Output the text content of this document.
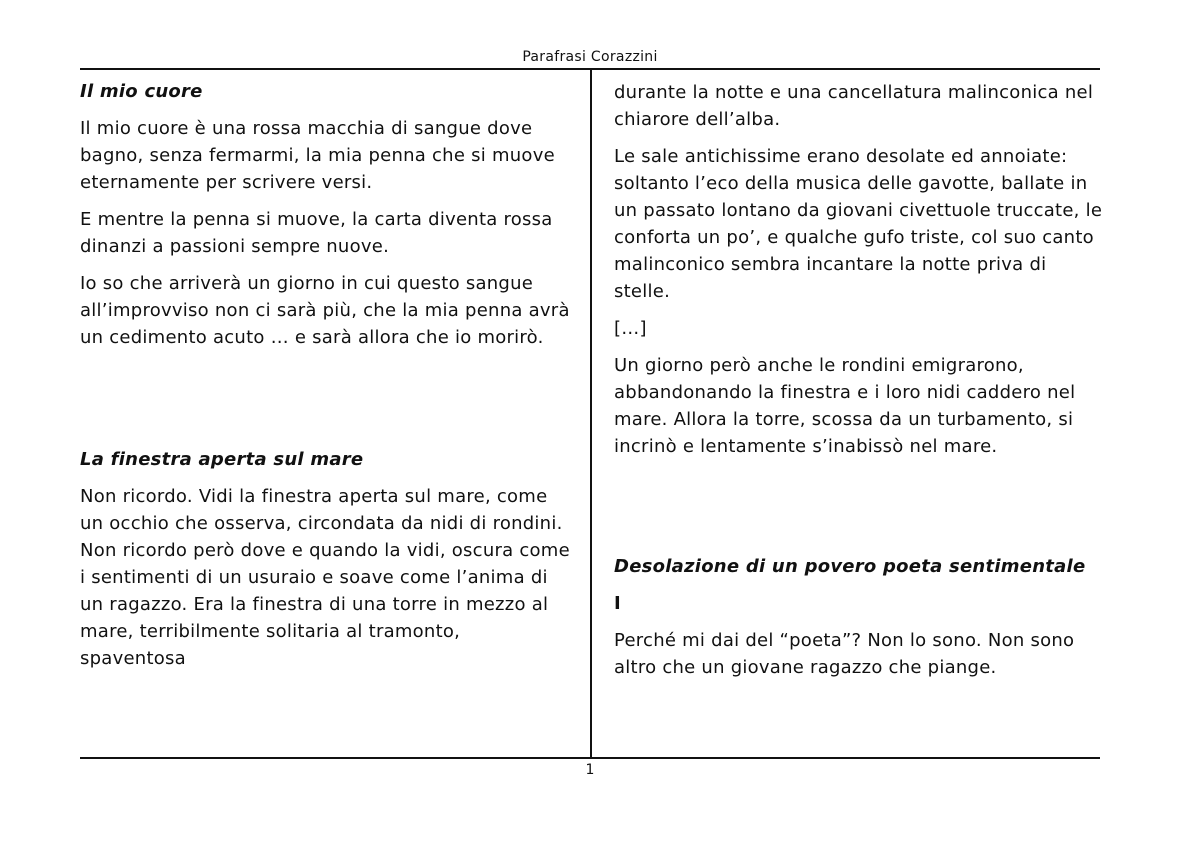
Parafrasi Corazzini
Il mio cuore

Il mio cuore è una rossa macchia di sangue dove bagno, senza fermarmi, la mia penna che si muove eternamente per scrivere versi.

E mentre la penna si muove, la carta diventa rossa dinanzi a passioni sempre nuove.

Io so che arriverà un giorno in cui questo sangue all’improvviso non ci sarà più, che la mia penna avrà un cedimento acuto … e sarà allora che io morirò.

La finestra aperta sul mare

Non ricordo. Vidi la finestra aperta sul mare, come un occhio che osserva, circondata da nidi di rondini. Non ricordo però dove e quando la vidi, oscura come i sentimenti di un usuraio e soave come l’anima di un ragazzo. Era la finestra di una torre in mezzo al mare, terribilmente solitaria al tramonto, spaventosa

durante la notte e una cancellatura malinconica nel chiarore dell’alba.

Le sale antichissime erano desolate ed annoiate: soltanto l’eco della musica delle gavotte, ballate in un passato lontano da giovani civettuole truccate, le conforta un po’, e qualche gufo triste, col suo canto malinconico sembra incantare la notte priva di stelle.

[…]

Un giorno però anche le rondini emigrarono, abbandonando la finestra e i loro nidi caddero nel mare. Allora la torre, scossa da un turbamento, si incrinò e lentamente s’inabissò nel mare.

Desolazione di un povero poeta sentimentale
I

Perché mi dai del “poeta”? Non lo sono. Non sono altro che un giovane ragazzo che piange.

1
